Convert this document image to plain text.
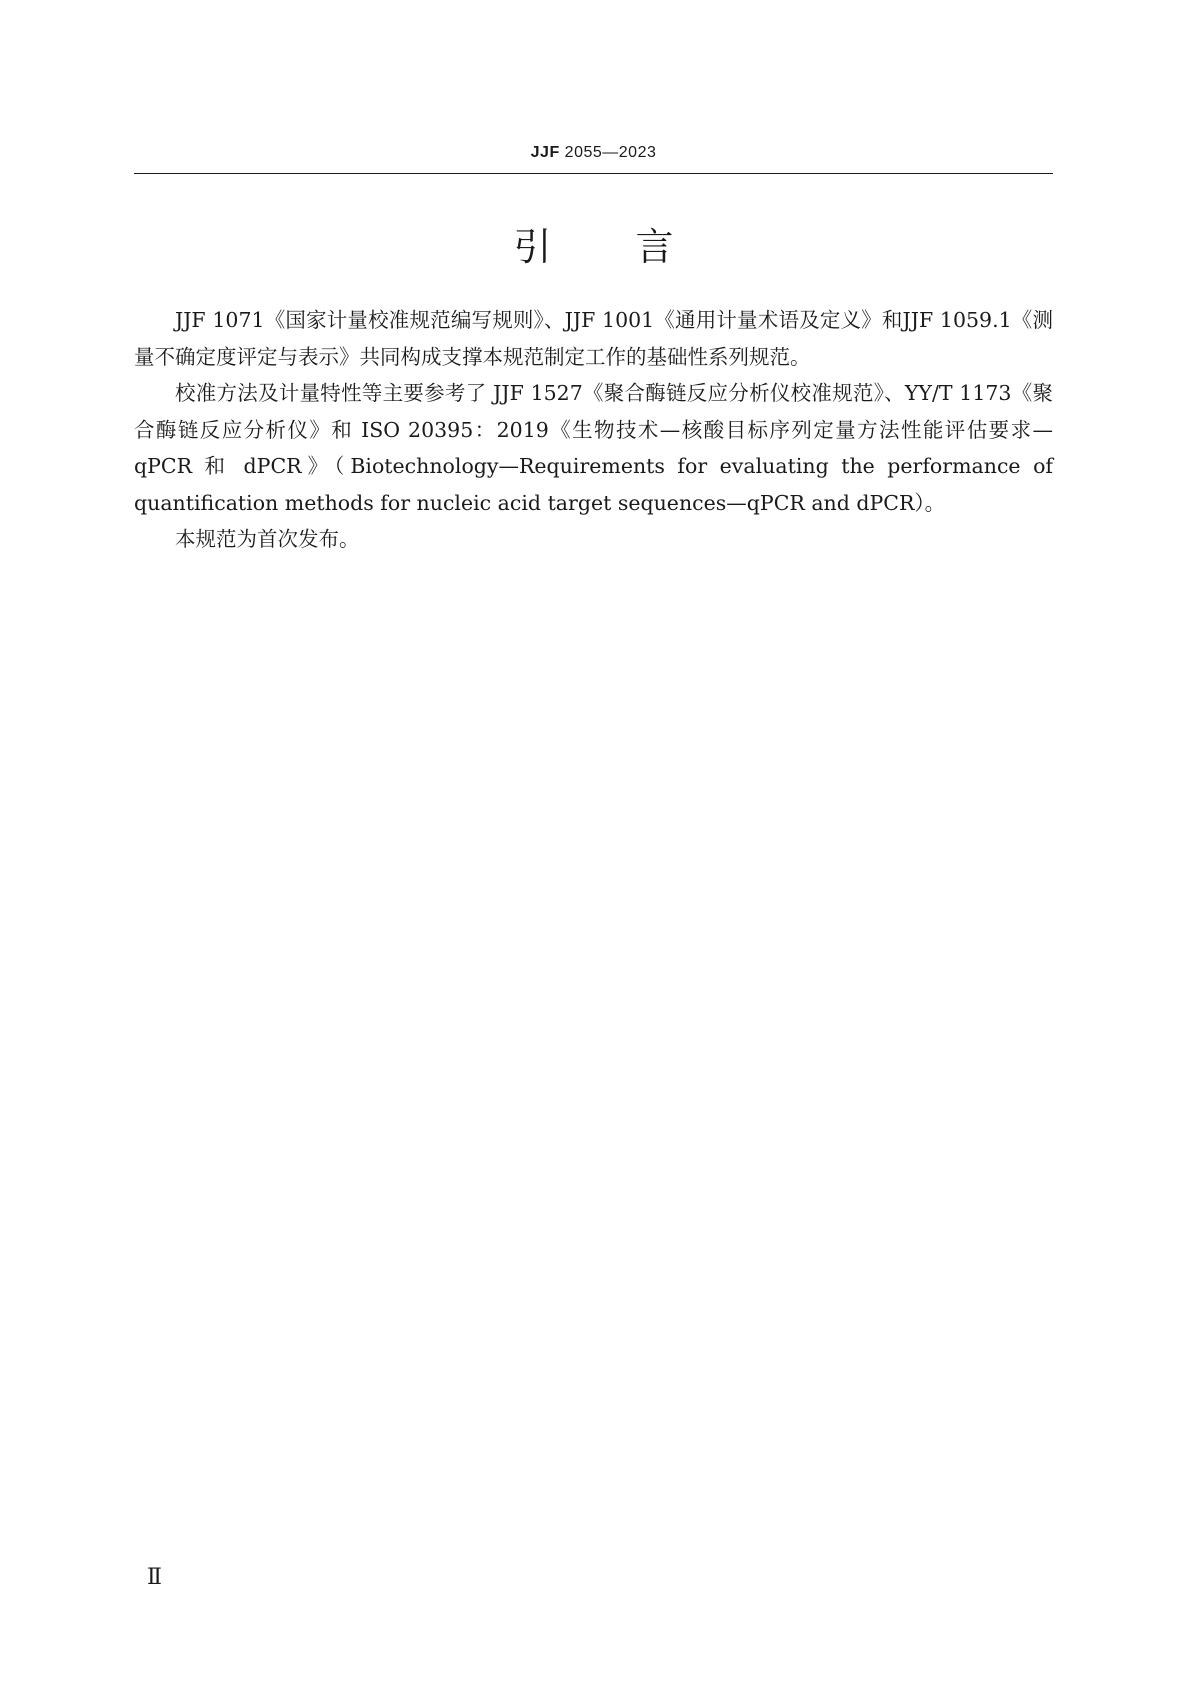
JJF 2055—2023
引言

JJF 1071《国家计量校准规范编写规则》、JJF 1001《通用计量术语及定义》和JJF 1059.1《测量不确定度评定与表示》共同构成支撑本规范制定工作的基础性系列规范。

校准方法及计量特性等主要参考了 JJF 1527《聚合酶链反应分析仪校准规范》、YY/T 1173《聚合酶链反应分析仪》和 ISO 20395：2019《生物技术—核酸目标序列定量方法性能评估要求—qPCR 和 dPCR》（Biotechnology—Requirements for evaluating the performance of quantification methods for nucleic acid target sequences—qPCR and dPCR）。

本规范为首次发布。

Ⅱ
